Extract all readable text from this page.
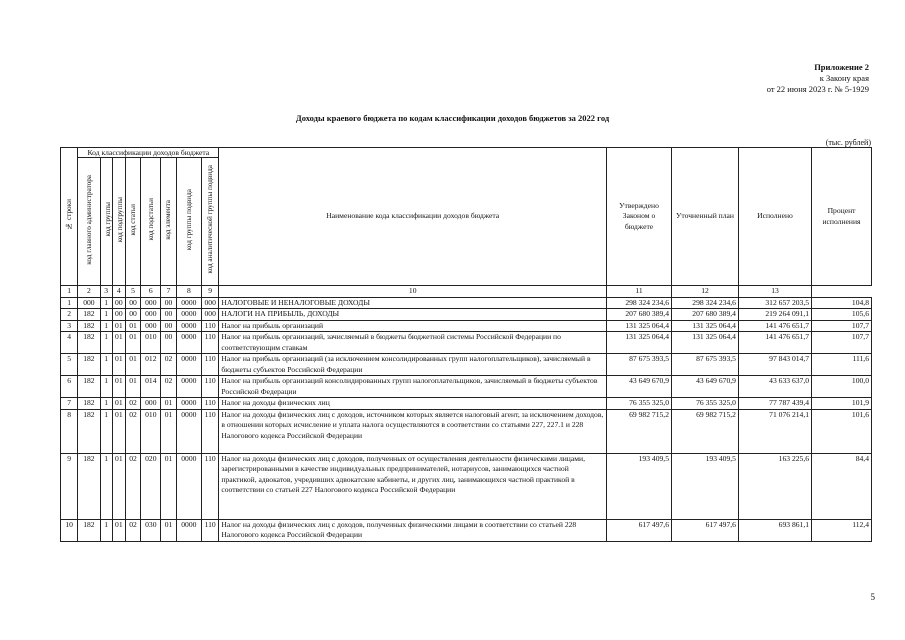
Приложение 2
к Закону края
от 22 июня 2023 г. № 5-1929
Доходы краевого бюджета по кодам классификации доходов бюджетов за 2022 год
(тыс. рублей)
№ строки	Код классификации доходов бюджета								Наименование кода классификации доходов бюджета	Утверждено Законом о бюджете	Уточненный план	Исполнено	Процент исполнения
	код главного администратора	код группы	код подгруппы	код статьи	код подстатьи	код элемента	код группы подвида	код аналитической группы подвида					
1	2	3	4	5	6	7	8	9	10	11	12	13	
1	000	1	00	00	000	00	0000	000	НАЛОГОВЫЕ И НЕНАЛОГОВЫЕ ДОХОДЫ	298 324 234,6	298 324 234,6	312 657 203,5	104,8
2	182	1	00	00	000	00	0000	000	НАЛОГИ НА ПРИБЫЛЬ, ДОХОДЫ	207 680 389,4	207 680 389,4	219 264 091,1	105,6
3	182	1	01	01	000	00	0000	110	Налог на прибыль организаций	131 325 064,4	131 325 064,4	141 476 651,7	107,7
4	182	1	01	01	010	00	0000	110	Налог на прибыль организаций, зачисляемый в бюджеты бюджетной системы Российской Федерации по соответствующим ставкам	131 325 064,4	131 325 064,4	141 476 651,7	107,7
5	182	1	01	01	012	02	0000	110	Налог на прибыль организаций (за исключением консолидированных групп налогоплательщиков), зачисляемый в бюджеты субъектов Российской Федерации	87 675 393,5	87 675 393,5	97 843 014,7	111,6
6	182	1	01	01	014	02	0000	110	Налог на прибыль организаций консолидированных групп налогоплательщиков, зачисляемый в бюджеты субъектов Российской Федерации	43 649 670,9	43 649 670,9	43 633 637,0	100,0
7	182	1	01	02	000	01	0000	110	Налог на доходы физических лиц	76 355 325,0	76 355 325,0	77 787 439,4	101,9
8	182	1	01	02	010	01	0000	110	Налог на доходы физических лиц с доходов, источником которых является налоговый агент, за исключением доходов, в отношении которых исчисление и уплата налога осуществляются в соответствии со статьями 227, 227.1 и 228 Налогового кодекса Российской Федерации	69 982 715,2	69 982 715,2	71 076 214,1	101,6
9	182	1	01	02	020	01	0000	110	Налог на доходы физических лиц с доходов, полученных от осуществления деятельности физическими лицами, зарегистрированными в качестве индивидуальных предпринимателей, нотариусов, занимающихся частной практикой, адвокатов, учредивших адвокатские кабинеты, и других лиц, занимающихся частной практикой в соответствии со статьей 227 Налогового кодекса Российской Федерации	193 409,5	193 409,5	163 225,6	84,4
10	182	1	01	02	030	01	0000	110	Налог на доходы физических лиц с доходов, полученных физическими лицами в соответствии со статьей 228 Налогового кодекса Российской Федерации	617 497,6	617 497,6	693 861,1	112,4
5
